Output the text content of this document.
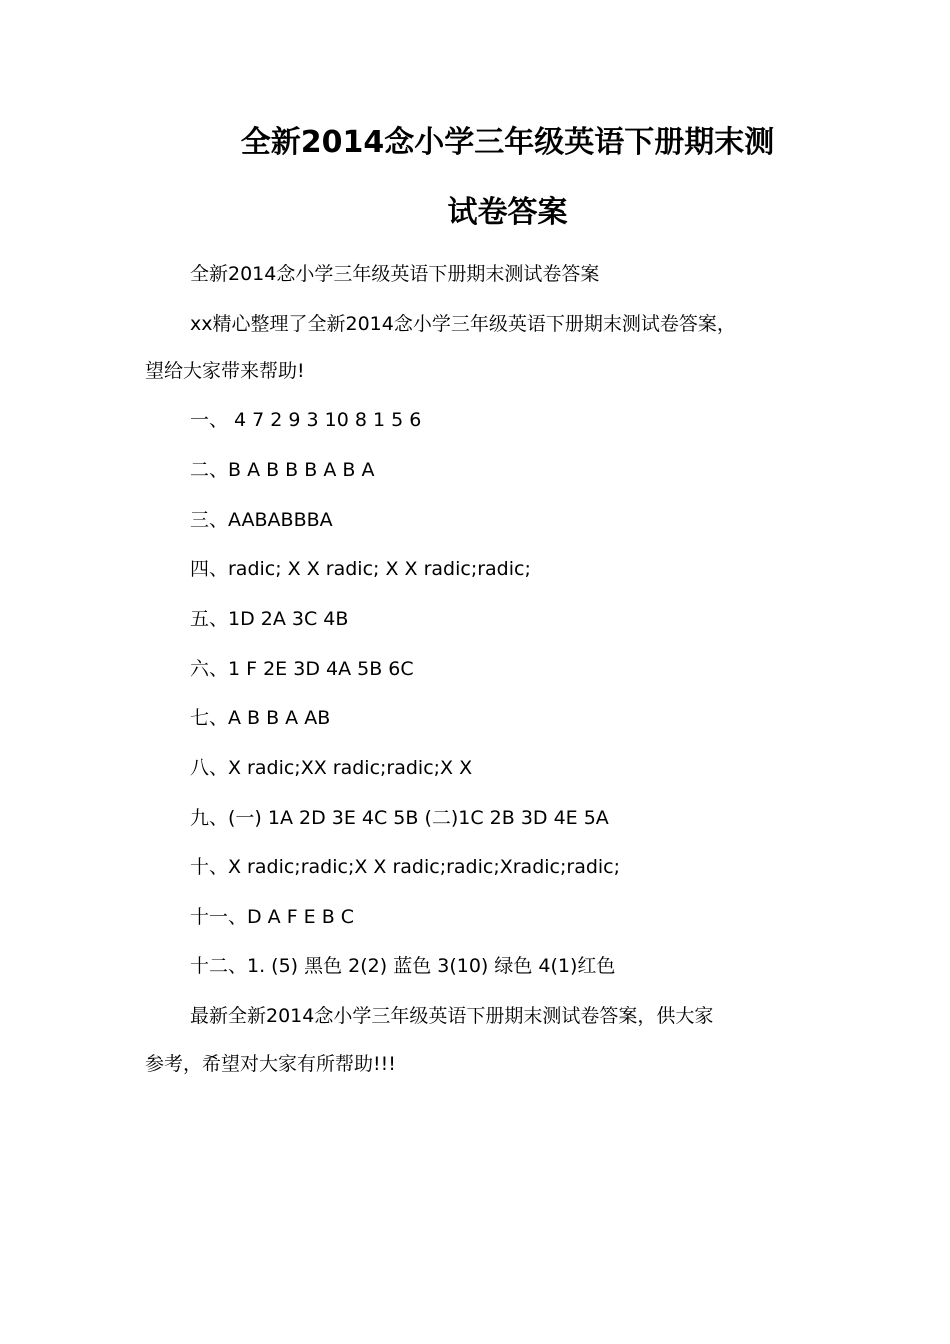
全新2014念小学三年级英语下册期末测
试卷答案
全新2014念小学三年级英语下册期末测试卷答案
xx精心整理了全新2014念小学三年级英语下册期末测试卷答案，
望给大家带来帮助!
一、 4 7 2 9 3 10 8 1 5 6
二、B A B B B A B A
三、AABABBBA
四、radic; X X radic; X X radic;radic;
五、1D 2A 3C 4B
六、1 F 2E 3D 4A 5B 6C
七、A B B A AB
八、X radic;XX radic;radic;X X
九、(一) 1A 2D 3E 4C 5B (二)1C 2B 3D 4E 5A
十、X radic;radic;X X radic;radic;Xradic;radic;
十一、D A F E B C
十二、1. (5) 黑色 2(2) 蓝色 3(10) 绿色 4(1)红色
最新全新2014念小学三年级英语下册期末测试卷答案，供大家
参考，希望对大家有所帮助!!!
